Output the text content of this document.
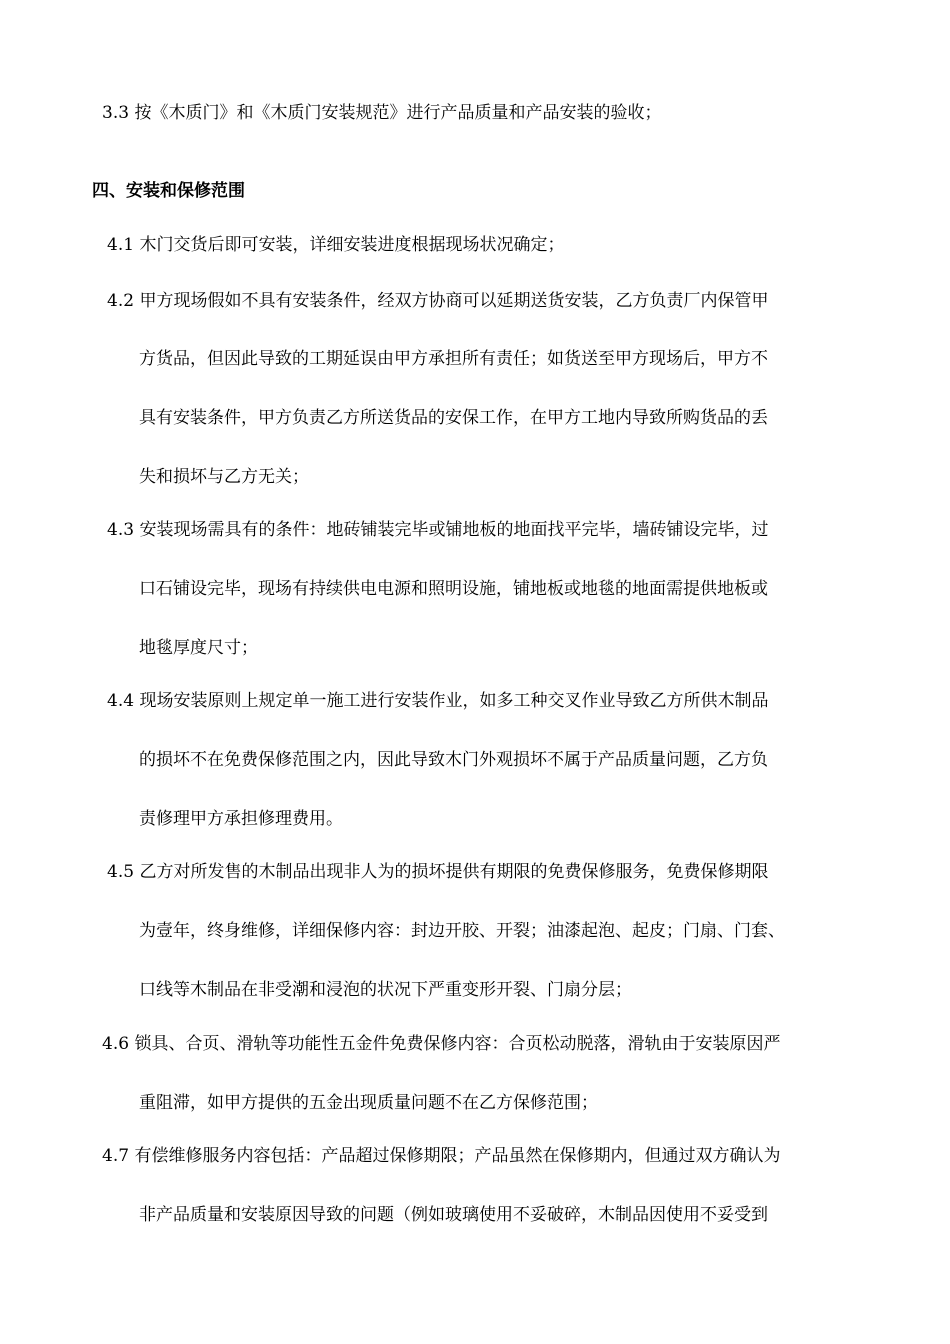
3.3 按《木质门》和《木质门安装规范》进行产品质量和产品安装的验收；
四、安装和保修范围
4.1 木门交货后即可安装，详细安装进度根据现场状况确定；
4.2 甲方现场假如不具有安装条件，经双方协商可以延期送货安装，乙方负责厂内保管甲
方货品，但因此导致的工期延误由甲方承担所有责任；如货送至甲方现场后，甲方不
具有安装条件，甲方负责乙方所送货品的安保工作，在甲方工地内导致所购货品的丢
失和损坏与乙方无关；
4.3 安装现场需具有的条件：地砖铺装完毕或铺地板的地面找平完毕，墙砖铺设完毕，过
口石铺设完毕，现场有持续供电电源和照明设施，铺地板或地毯的地面需提供地板或
地毯厚度尺寸；
4.4 现场安装原则上规定单一施工进行安装作业，如多工种交叉作业导致乙方所供木制品
的损坏不在免费保修范围之内，因此导致木门外观损坏不属于产品质量问题，乙方负
责修理甲方承担修理费用。
4.5 乙方对所发售的木制品出现非人为的损坏提供有期限的免费保修服务，免费保修期限
为壹年，终身维修，详细保修内容：封边开胶、开裂；油漆起泡、起皮；门扇、门套、
口线等木制品在非受潮和浸泡的状况下严重变形开裂、门扇分层；
4.6 锁具、合页、滑轨等功能性五金件免费保修内容：合页松动脱落，滑轨由于安装原因严
重阻滞，如甲方提供的五金出现质量问题不在乙方保修范围；
4.7 有偿维修服务内容包括：产品超过保修期限；产品虽然在保修期内，但通过双方确认为
非产品质量和安装原因导致的问题（例如玻璃使用不妥破碎，木制品因使用不妥受到
